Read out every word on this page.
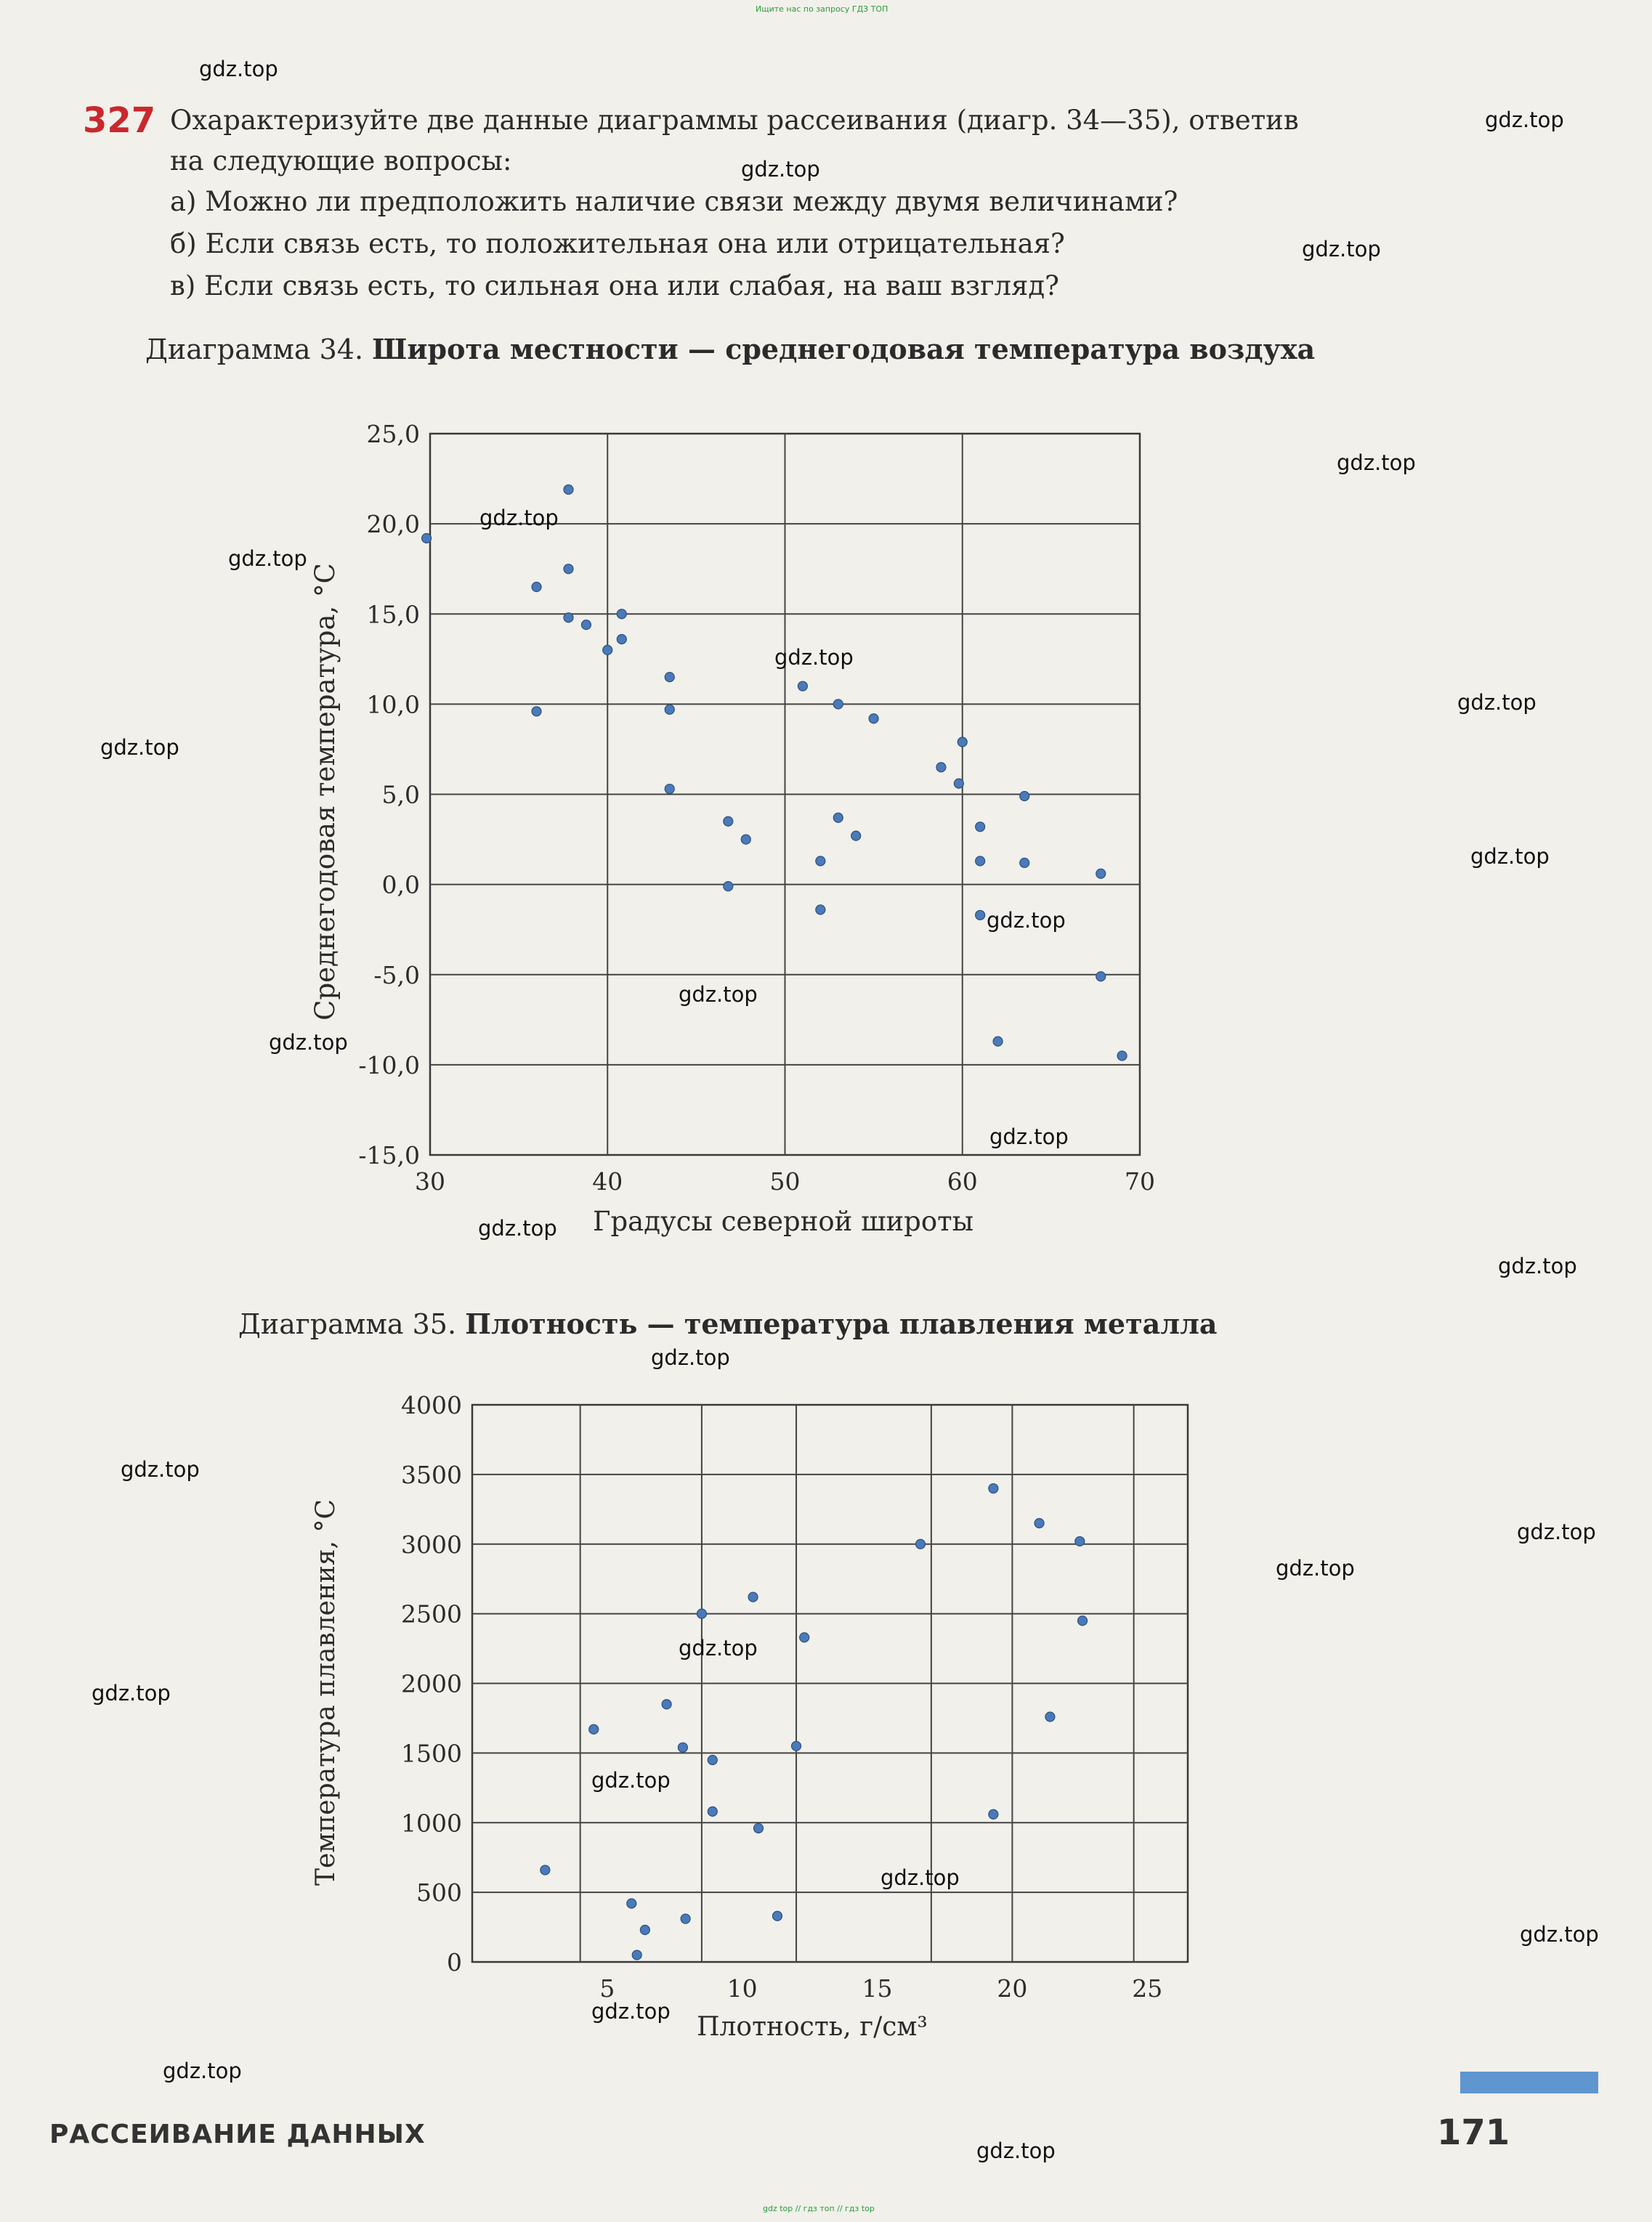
Ищите нас по запросу ГДЗ ТОП
327 Охарактеризуйте две данные диаграммы рассеивания (диагр. 34—35), ответив
на следующие вопросы:
а) Можно ли предположить наличие связи между двумя величинами?
б) Если связь есть, то положительная она или отрицательная?
в) Если связь есть, то сильная она или слабая, на ваш взгляд?
Диаграмма 34. Широта местности — среднегодовая температура воздуха
25,0
20,0
15,0
10,0
5,0
0,0
-5,0
-10,0
-15,0
30	40	50	60	70
Градусы северной широты
Среднегодовая температура, °С
Диаграмма 35. Плотность — температура плавления металла
4000
3500
3000
2500
2000
1500
1000
500
0
5	10	15	20	25
Плотность, г/см³
Температура плавления, °С
gdz.top
gdz.top
gdz.top
gdz.top
gdz.top
gdz.top
gdz.top
gdz.top
gdz.top
gdz.top
gdz.top
gdz.top
gdz.top
gdz.top
gdz.top
gdz.top
gdz.top
gdz.top
gdz.top
gdz.top
gdz.top
gdz.top
gdz.top
gdz.top
gdz.top
gdz.top
gdz.top
gdz.top
gdz.top
РАССЕИВАНИЕ ДАННЫХ	171
gdz top // гдз топ // гдз top
